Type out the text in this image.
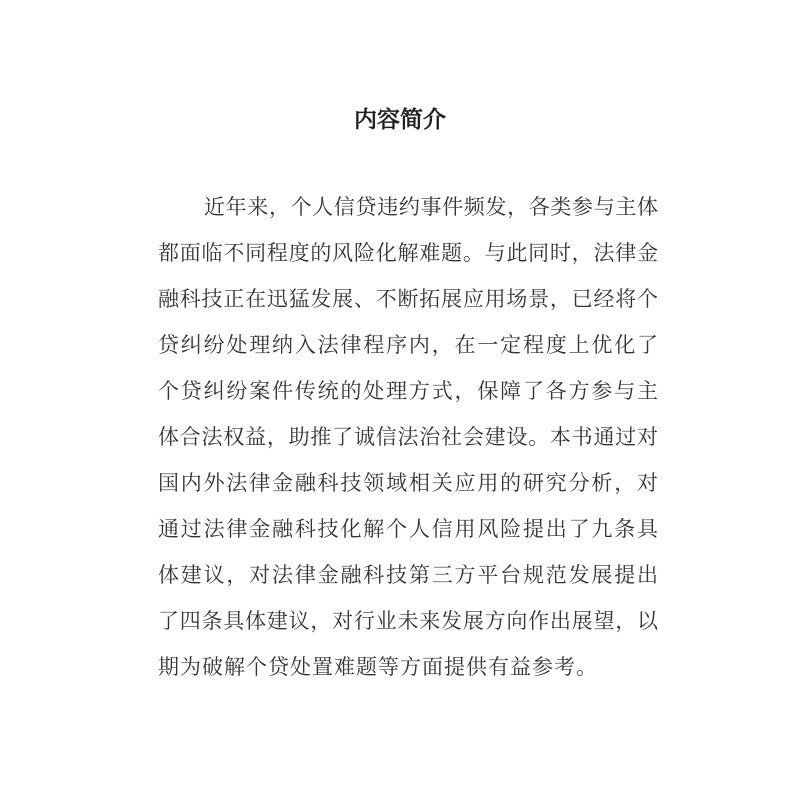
内容简介
近年来，个人信贷违约事件频发，各类参与主体
都面临不同程度的风险化解难题。与此同时，法律金
融科技正在迅猛发展、不断拓展应用场景，已经将个
贷纠纷处理纳入法律程序内，在一定程度上优化了
个贷纠纷案件传统的处理方式，保障了各方参与主
体合法权益，助推了诚信法治社会建设。本书通过对
国内外法律金融科技领域相关应用的研究分析，对
通过法律金融科技化解个人信用风险提出了九条具
体建议，对法律金融科技第三方平台规范发展提出
了四条具体建议，对行业未来发展方向作出展望，以
期为破解个贷处置难题等方面提供有益参考。
